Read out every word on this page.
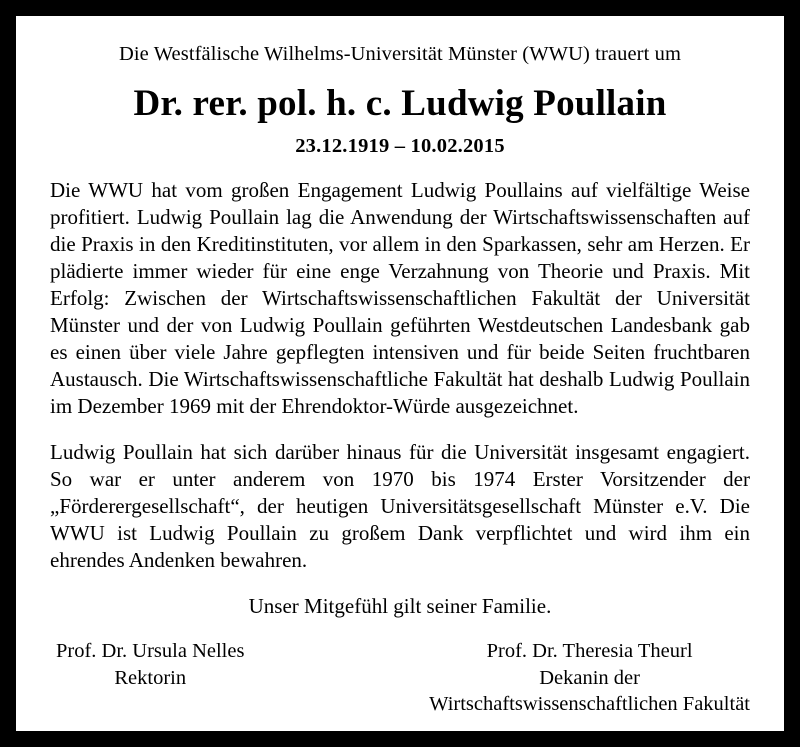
Die Westfälische Wilhelms-Universität Münster (WWU) trauert um
Dr. rer. pol. h. c. Ludwig Poullain
23.12.1919 – 10.02.2015

Die WWU hat vom großen Engagement Ludwig Poullains auf vielfältige Weise profitiert. Ludwig Poullain lag die Anwendung der Wirtschaftswissenschaften auf die Praxis in den Kreditinstituten, vor allem in den Sparkassen, sehr am Herzen. Er plädierte immer wieder für eine enge Verzahnung von Theorie und Praxis. Mit Erfolg: Zwischen der Wirtschaftswissenschaftlichen Fakultät der Universität Münster und der von Ludwig Poullain geführten Westdeutschen Landesbank gab es einen über viele Jahre gepflegten intensiven und für beide Seiten fruchtbaren Austausch. Die Wirtschaftswissenschaftliche Fakultät hat deshalb Ludwig Poullain im Dezember 1969 mit der Ehrendoktor-Würde ausgezeichnet.

Ludwig Poullain hat sich darüber hinaus für die Universität insgesamt engagiert. So war er unter anderem von 1970 bis 1974 Erster Vorsitzender der „Förderergesellschaft“, der heutigen Universitätsgesellschaft Münster e.V. Die WWU ist Ludwig Poullain zu großem Dank verpflichtet und wird ihm ein ehrendes Andenken bewahren.

Unser Mitgefühl gilt seiner Familie.
Prof. Dr. Ursula Nelles
Rektorin
Prof. Dr. Theresia Theurl
Dekanin der
Wirtschaftswissenschaftlichen Fakultät
